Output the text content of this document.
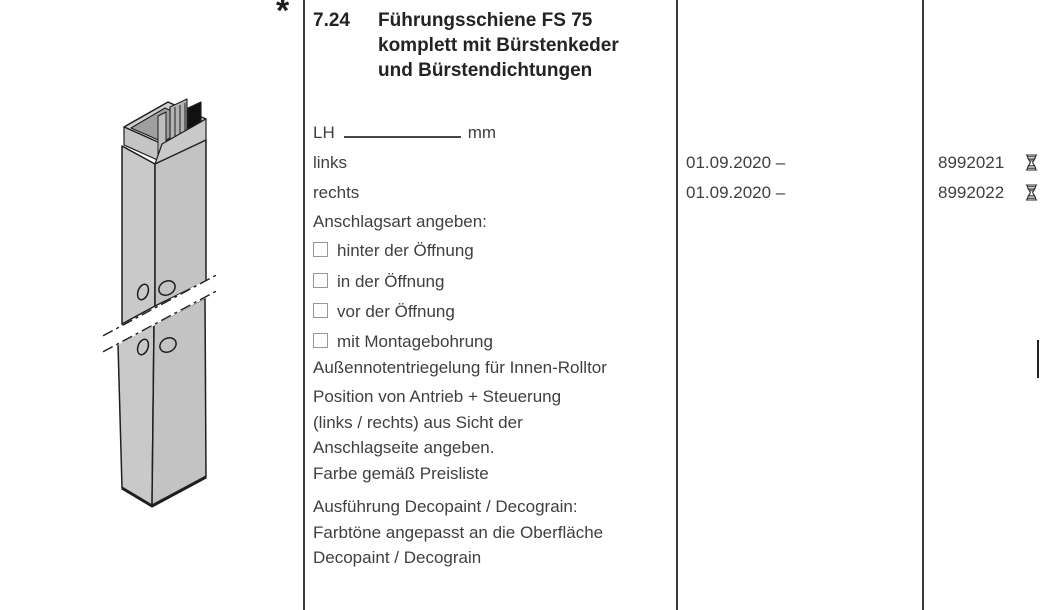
* 7.24 Führungsschiene FS 75
komplett mit Bürstenkeder
und Bürstendichtungen
LH	mm
links
rechts
Anschlagsart angeben:
hinter der Öffnung
in der Öffnung
vor der Öffnung
mit Montagebohrung
Außennotentriegelung für Innen-Rolltor
Position von Antrieb + Steuerung
(links / rechts) aus Sicht der
Anschlagseite angeben.
Farbe gemäß Preisliste
Ausführung Decopaint / Decograin:
Farbtöne angepasst an die Oberfläche
Decopaint / Decograin
01.09.2020 –
01.09.2020 –
8992021
8992022
